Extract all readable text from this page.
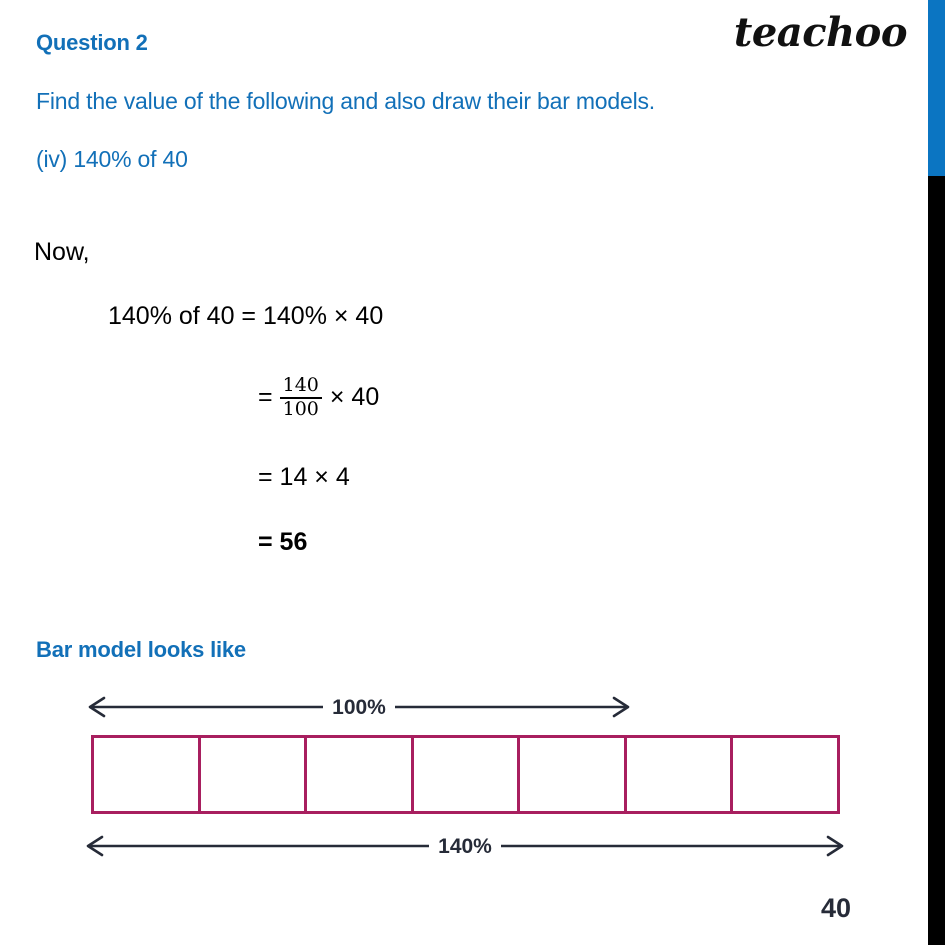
teachoo
Question 2
Find the value of the following and also draw their bar models.
(iv) 140% of 40
Now,
140% of 40 = 140% × 40
= $\frac{140}{100} \times 40$
= 14 × 4
= 56
Bar model looks like
100%
140%
40
